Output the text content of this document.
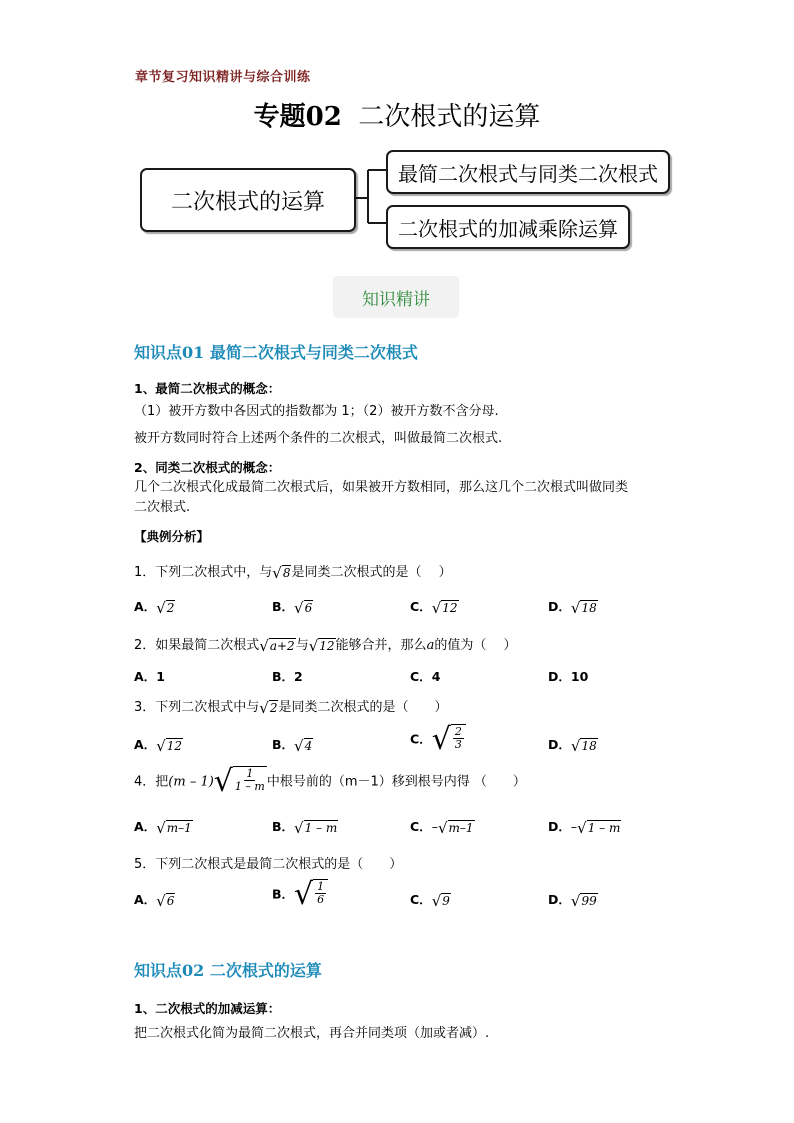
章节复习知识精讲与综合训练
专题02 二次根式的运算
二次根式的运算
最简二次根式与同类二次根式
二次根式的加减乘除运算
知识精讲
知识点01 最简二次根式与同类二次根式
1、最简二次根式的概念：
（1）被开方数中各因式的指数都为 1；（2）被开方数不含分母.
被开方数同时符合上述两个条件的二次根式，叫做最简二次根式.
2、同类二次根式的概念：
几个二次根式化成最简二次根式后，如果被开方数相同，那么这几个二次根式叫做同类
二次根式.
【典例分析】
1．下列二次根式中，与 √ 8 是同类二次根式的是（　 ）
A． √ 2	B． √ 6	C． √ 12	D． √ 18
2．如果最简二次根式 √ a+2 与 √ 12 能够合并，那么a的值为（　 ）
A．1	B．2	C．4	D．10
3．下列二次根式中与 √ 2 是同类二次根式的是（　　）
A． √ 12	B． √ 4	C． √ $\frac{2}{3}$	D． √ 18
4．把(m – 1) √ $\frac{1}{1 - m}$ 中根号前的（m－1）移到根号内得 （　　）
A． √ m–1	B． √ 1 – m	C．– √ m–1	D．– √ 1 – m
5．下列二次根式是最简二次根式的是（　　）
A． √ 6	B． √ $\frac{1}{6}$	C． √ 9	D． √ 99
知识点02 二次根式的运算
1、二次根式的加减运算：
把二次根式化简为最简二次根式，再合并同类项（加或者减）.
